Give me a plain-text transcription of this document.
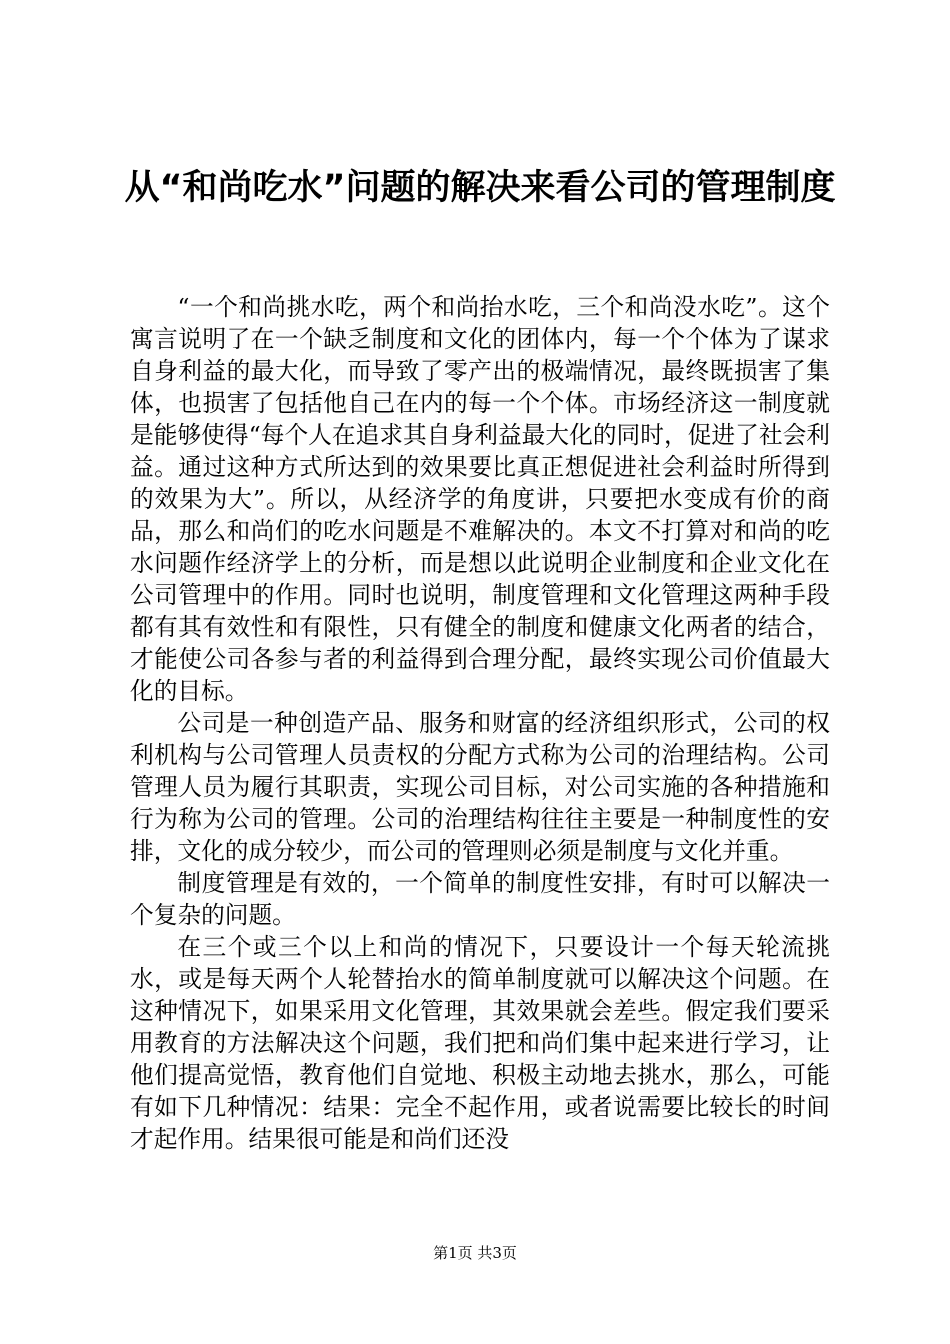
从“和尚吃水”问题的解决来看公司的管理制度

“一个和尚挑水吃，两个和尚抬水吃，三个和尚没水吃”。这个寓言说明了在一个缺乏制度和文化的团体内，每一个个体为了谋求自身利益的最大化，而导致了零产出的极端情况，最终既损害了集体，也损害了包括他自己在内的每一个个体。市场经济这一制度就是能够使得“每个人在追求其自身利益最大化的同时，促进了社会利益。通过这种方式所达到的效果要比真正想促进社会利益时所得到的效果为大”。所以，从经济学的角度讲，只要把水变成有价的商品，那么和尚们的吃水问题是不难解决的。本文不打算对和尚的吃水问题作经济学上的分析，而是想以此说明企业制度和企业文化在公司管理中的作用。同时也说明，制度管理和文化管理这两种手段都有其有效性和有限性，只有健全的制度和健康文化两者的结合，才能使公司各参与者的利益得到合理分配，最终实现公司价值最大化的目标。

公司是一种创造产品、服务和财富的经济组织形式，公司的权利机构与公司管理人员责权的分配方式称为公司的治理结构。公司管理人员为履行其职责，实现公司目标，对公司实施的各种措施和行为称为公司的管理。公司的治理结构往往主要是一种制度性的安排，文化的成分较少，而公司的管理则必须是制度与文化并重。

制度管理是有效的，一个简单的制度性安排，有时可以解决一个复杂的问题。

在三个或三个以上和尚的情况下，只要设计一个每天轮流挑水，或是每天两个人轮替抬水的简单制度就可以解决这个问题。在这种情况下，如果采用文化管理，其效果就会差些。假定我们要采用教育的方法解决这个问题，我们把和尚们集中起来进行学习，让他们提高觉悟，教育他们自觉地、积极主动地去挑水，那么，可能有如下几种情况：结果：完全不起作用，或者说需要比较长的时间才起作用。结果很可能是和尚们还没

第1页 共3页
